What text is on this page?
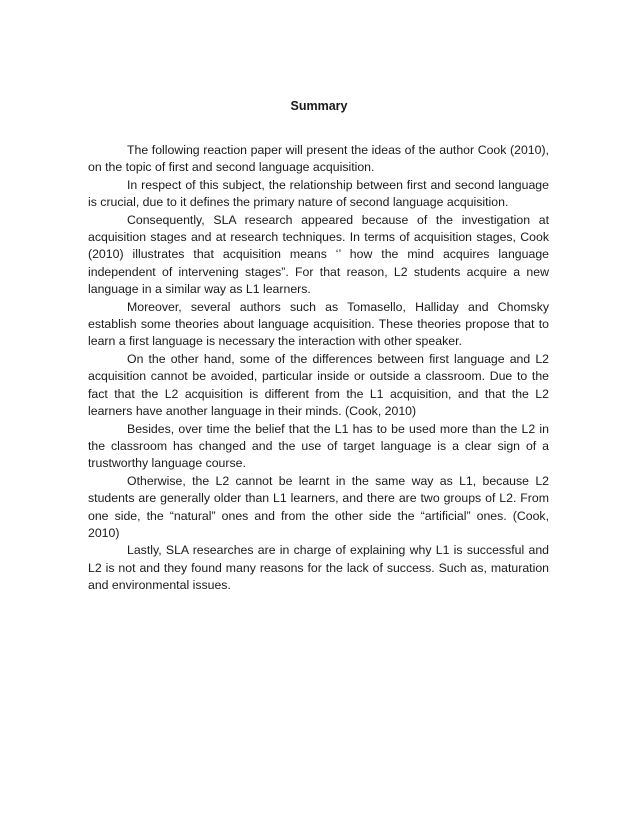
Summary

The following reaction paper will present the ideas of the author Cook (2010), on the topic of first and second language acquisition.

In respect of this subject, the relationship between first and second language is crucial, due to it defines the primary nature of second language acquisition.

Consequently, SLA research appeared because of the investigation at acquisition stages and at research techniques. In terms of acquisition stages, Cook (2010) illustrates that acquisition means ‘’ how the mind acquires language independent of intervening stages”. For that reason, L2 students acquire a new language in a similar way as L1 learners.

Moreover, several authors such as Tomasello, Halliday and Chomsky establish some theories about language acquisition. These theories propose that to learn a first language is necessary the interaction with other speaker.

On the other hand, some of the differences between first language and L2 acquisition cannot be avoided, particular inside or outside a classroom. Due to the fact that the L2 acquisition is different from the L1 acquisition, and that the L2 learners have another language in their minds. (Cook, 2010)

Besides, over time the belief that the L1 has to be used more than the L2 in the classroom has changed and the use of target language is a clear sign of a trustworthy language course.

Otherwise, the L2 cannot be learnt in the same way as L1, because L2 students are generally older than L1 learners, and there are two groups of L2. From one side, the “natural” ones and from the other side the “artificial” ones. (Cook, 2010)

Lastly, SLA researches are in charge of explaining why L1 is successful and L2 is not and they found many reasons for the lack of success. Such as, maturation and environmental issues.
